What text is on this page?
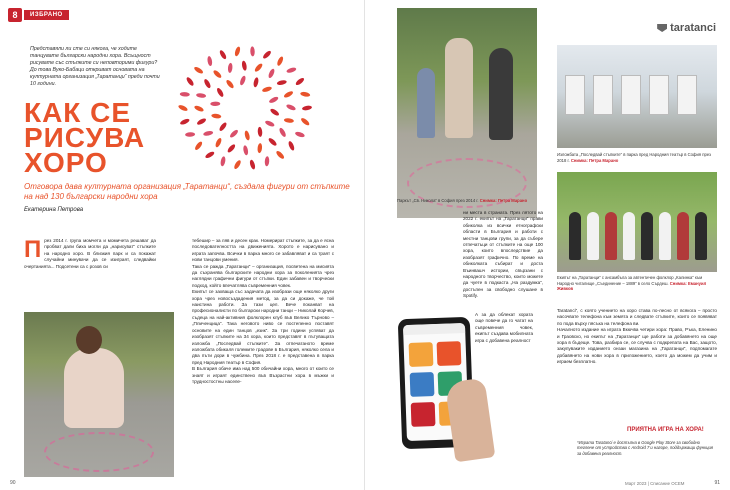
8	ИЗБРАНО

Представяли ли сте си някога, че ходите танцувате български народни хора. Всъщност рисувате със стъпките си неповторими фигури? До това Вуко-Бабаци откриват основата на културната организация „Таратанци“ преди почти 10 години.

КАК СЕ
РИСУВА
ХОРО

Отговора дава културната организация „Таратанци“, създала фигури от стъпките на над 130 български народни хора

Екатерина Петрова

През 2014 г. група момчета и момичета решават да пробват дали биха могли да „нарисуват“ стъпките на народно хоро. В близкия парк и са покажат случайни минувачи да се изиграят, следвайки очертанията... Подсетени са с розов си
тебешир – за ляв и десен крак. Номерират стъпките, за да е ясна последователността на движенията. Хорото е нарисувано и играта започва. Всички в парка много се забавляват и са траят с нови танцови умения.
Така се ражда „Таратанци“ – организация, посветена на мисията да съхранява българските народни хора за поколенията чрез наглядни графични фигури от стъпки. Един забавен и творчески подход, който впечатлява съвременния човек.
Екипът се захваща със задачата да изобрази още няколко други хора чрез новосъздадения метод, за да си докаже, че той наистина работи. За тази цел. Вече поканват на професионалисти по български народни танци – Николай Корчев, съдеца на най-активния фолклорен клуб във Велико Търново – „Пличенцица“. Така неговото ниво се постепенно поставят основите на един танцов „език“. За три години успяват да изобразят стъпките на 34 хора, които представят в пътуващата изложба „Последвай стъпките“. За отпечатаното време изложбата обикаля големите градове в България, няколко села и два пъти дори в чужбина. През 2018 г. е представена в парка пред Народния театър в София.
В България обаче има над 500 обичайни хора, много от които се знаят и играят единствено във Възрастни хора в мъжки и трудностостны населе-
90
Паркът „Св. Никола“ в София през 2014 г. Снимка: Петра Марано
taratanci
Изложбата „Последвай стъпките“ в парка пред Народния театър в София през 2018 г. Снимка: Петра Марано
Екипът на „Таратанци“ с ансамбъла за автентичен фолклор „Калинка“ към Народно читалище „Съединение – 1889“ в село Сърдеш. Снимка: Емануил Живков
ни места в страната. През лятото на 2022 г. екипът на „Таратанци“ прави обиколка из всички етнографски области в България и работи с местни танцови групи, за да събере отпечатъци от стъпките на още 100 хора, които впоследствие да изобразят графично. По време на обиколката събират и доста Въинвашч истории, свързани с народното творчество, които можете да чуете в подкаста „На раздумка“, достъпен за свободно слушане в Spotify.
А за да облекат хората още повече да го чатат на съвременния човек, екипът създава мобилната игра с добавена реалност
Taratanci“, с която учението на хоро става по-лесно от всякога – просто насочвате телефона към земята и следвате стъпките, които се появяват по пода върху пясъка на телефона ви.
Началното издание на играта Вкючва четири хора: Право, Ръка, Еленино и Граовско, но екипът на „Таратанци“ ще работи за добавянето на още хора в бъдеще. Това, разбира се, се случва с подкрепата на Вас, защото, закупуваките изданието онзаи магазина на „Таратанци“, подпомагате добавянето на нови хора в приложението, което да можем да учим и играем безплатно.
ПРИЯТНА ИГРА НА ХОРА!

*Играта Taratanci е достъпна в Google Play Store за свободно теглене от устройства с Android 7 и нагоре, поддържащи функция за добавена реалност.

Март 2023 | Списание ОСЕМ	91
